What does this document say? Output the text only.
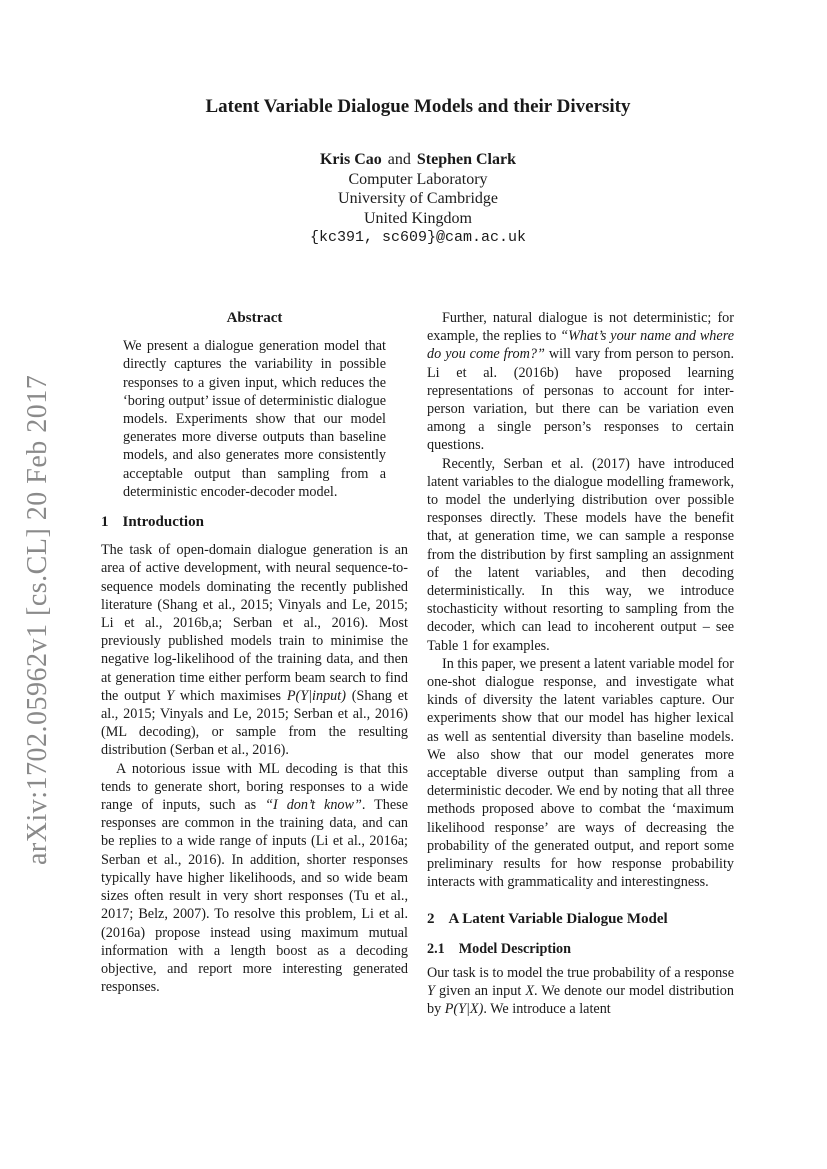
arXiv:1702.05962v1 [cs.CL] 20 Feb 2017
Latent Variable Dialogue Models and their Diversity
Kris Cao and Stephen Clark
Computer Laboratory
University of Cambridge
United Kingdom
{kc391, sc609}@cam.ac.uk
Abstract

We present a dialogue generation model that directly captures the variability in possible responses to a given input, which reduces the ‘boring output’ issue of deterministic dialogue models. Experiments show that our model generates more diverse outputs than baseline models, and also generates more consistently acceptable output than sampling from a deterministic encoder-decoder model.

1 Introduction

The task of open-domain dialogue generation is an area of active development, with neural sequence-to-sequence models dominating the recently published literature (Shang et al., 2015; Vinyals and Le, 2015; Li et al., 2016b,a; Serban et al., 2016). Most previously published models train to minimise the negative log-likelihood of the training data, and then at generation time either perform beam search to find the output Y which maximises P(Y|input) (Shang et al., 2015; Vinyals and Le, 2015; Serban et al., 2016) (ML decoding), or sample from the resulting distribution (Serban et al., 2016).

A notorious issue with ML decoding is that this tends to generate short, boring responses to a wide range of inputs, such as “I don’t know”. These responses are common in the training data, and can be replies to a wide range of inputs (Li et al., 2016a; Serban et al., 2016). In addition, shorter responses typically have higher likelihoods, and so wide beam sizes often result in very short responses (Tu et al., 2017; Belz, 2007). To resolve this problem, Li et al. (2016a) propose instead using maximum mutual information with a length boost as a decoding objective, and report more interesting generated responses.

Further, natural dialogue is not deterministic; for example, the replies to “What’s your name and where do you come from?” will vary from person to person. Li et al. (2016b) have proposed learning representations of personas to account for inter-person variation, but there can be variation even among a single person’s responses to certain questions.

Recently, Serban et al. (2017) have introduced latent variables to the dialogue modelling framework, to model the underlying distribution over possible responses directly. These models have the benefit that, at generation time, we can sample a response from the distribution by first sampling an assignment of the latent variables, and then decoding deterministically. In this way, we introduce stochasticity without resorting to sampling from the decoder, which can lead to incoherent output – see Table 1 for examples.

In this paper, we present a latent variable model for one-shot dialogue response, and investigate what kinds of diversity the latent variables capture. Our experiments show that our model has higher lexical as well as sentential diversity than baseline models. We also show that our model generates more acceptable diverse output than sampling from a deterministic decoder. We end by noting that all three methods proposed above to combat the ‘maximum likelihood response’ are ways of decreasing the probability of the generated output, and report some preliminary results for how response probability interacts with grammaticality and interestingness.

2 A Latent Variable Dialogue Model
2.1 Model Description

Our task is to model the true probability of a response Y given an input X. We denote our model distribution by P(Y|X). We introduce a latent
